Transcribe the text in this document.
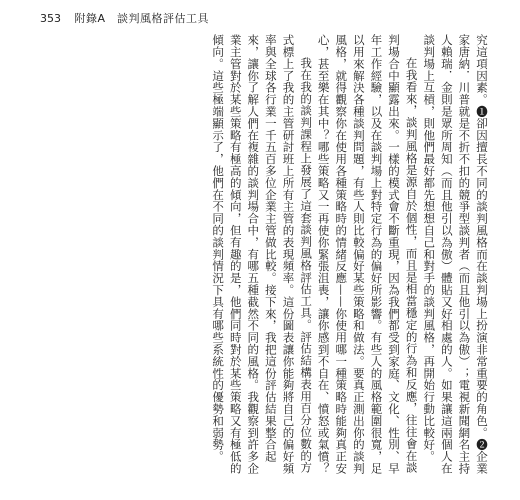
353 附錄A　談判風格評估工具

究這項因素。❶卻因擅長不同的談判風格而在談判場上扮演非常重要的角色。❷企業家唐納．川普就是不折不扣的競爭型談判者（而且他引以為傲）；電視新聞網名主持人賴瑞．金則是眾所周知（而且他引以為傲）體貼又好相處的人。如果讓這兩個人在談判場上互槓，則他們最好都先想想自己和對手的談判風格，再開始行動比較好。

在我看來，談判風格是源自於個性，而且是相當穩定的行為和反應，往往會在談判場合中顯露出來。一樣的模式會不斷重現，因為我們都受到家庭、文化、性別、早年工作經驗，以及在談判場上對特定行為的偏好所影響。有些人的風格範圍很寬，足以用來解決各種談判問題，有些人則比較偏好某些策略和做法。要真正測出你的談判風格，就得觀察你在使用各種策略時的情緒反應——你使用哪一種策略時能夠真正安心，甚至樂在其中？哪些策略又一再使你緊張沮喪，讓你感到不自在、憤怒或氣憤？

我在我的談判課程上發展了這套談判風格評估工具。評估結構表用百分位數的方式標上了我的主管研討班上所有主管的表現頻率。這份圖表讓你能夠將自己的偏好頻率與全球各行業一千五百多位企業主管做比較。接下來，我把這份評估結果整合起來，讓你了解人們在複雜的談判場合中，有哪五種截然不同的風格。我觀察到許多企業主管對於某些策略有極高的傾向，但有趣的是，他們同時對於某些策略又有極低的傾向。這些極端顯示了，他們在不同的談判情況下具有哪些系統性的優勢和弱勢。
